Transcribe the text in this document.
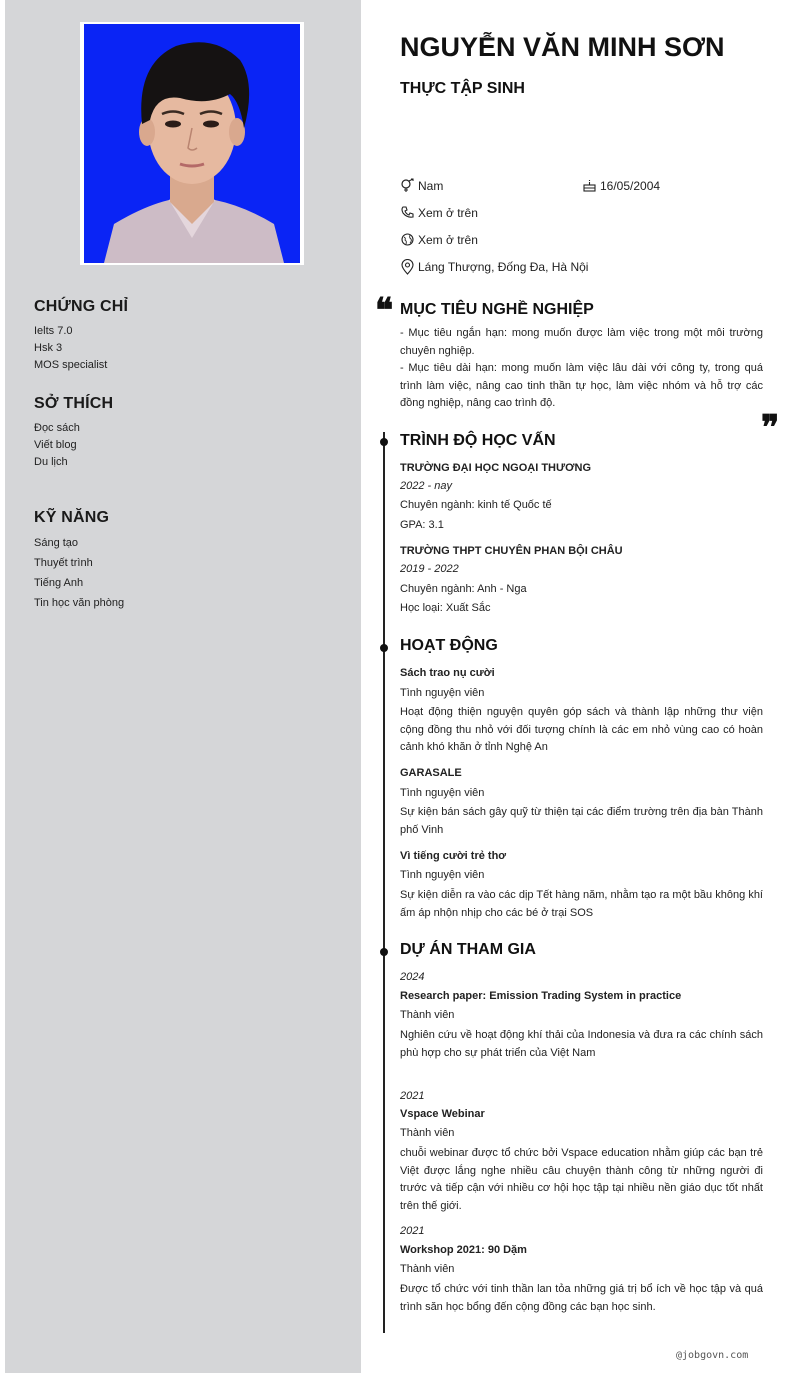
CHỨNG CHỈ
Ielts 7.0
Hsk 3
MOS specialist
SỞ THÍCH
Đọc sách
Viết blog
Du lịch
KỸ NĂNG
Sáng tạo
Thuyết trình
Tiếng Anh
Tin học văn phòng
NGUYỄN VĂN MINH SƠN
THỰC TẬP SINH
Nam	16/05/2004
Xem ở trên
Xem ở trên
Láng Thượng, Đống Đa, Hà Nội
❝ MỤC TIÊU NGHỀ NGHIỆP
- Mục tiêu ngắn hạn: mong muốn được làm việc trong một môi trường chuyên nghiệp.
- Mục tiêu dài hạn: mong muốn làm việc lâu dài với công ty, trong quá trình làm việc, nâng cao tinh thần tự học, làm việc nhóm và hỗ trợ các đồng nghiệp, nâng cao trình độ.
❞
TRÌNH ĐỘ HỌC VẤN
TRƯỜNG ĐẠI HỌC NGOẠI THƯƠNG
2022 - nay
Chuyên ngành: kinh tế Quốc tế
GPA: 3.1
TRƯỜNG THPT CHUYÊN PHAN BỘI CHÂU
2019 - 2022
Chuyên ngành: Anh - Nga
Học loại: Xuất Sắc
HOẠT ĐỘNG
Sách trao nụ cười
Tình nguyện viên
Hoạt động thiện nguyện quyên góp sách và thành lập những thư viện cộng đồng thu nhỏ với đối tượng chính là các em nhỏ vùng cao có hoàn cảnh khó khăn ở tỉnh Nghệ An
GARASALE
Tình nguyện viên
Sự kiện bán sách gây quỹ từ thiện tại các điểm trường trên địa bàn Thành phố Vinh
Vì tiếng cười trẻ thơ
Tình nguyện viên
Sự kiện diễn ra vào các dịp Tết hàng năm, nhằm tạo ra một bầu không khí ấm áp nhộn nhịp cho các bé ở trại SOS
DỰ ÁN THAM GIA
2024
Research paper: Emission Trading System in practice
Thành viên
Nghiên cứu về hoạt động khí thải của Indonesia và đưa ra các chính sách phù hợp cho sự phát triển của Việt Nam
2021
Vspace Webinar
Thành viên
chuỗi webinar được tổ chức bởi Vspace education nhằm giúp các bạn trẻ Việt được lắng nghe nhiều câu chuyện thành công từ những người đi trước và tiếp cận với nhiều cơ hội học tập tại nhiều nền giáo dục tốt nhất trên thế giới.
2021
Workshop 2021: 90 Dặm
Thành viên
Được tổ chức với tinh thần lan tỏa những giá trị bổ ích về học tập và quá trình săn học bổng đến cộng đồng các bạn học sinh.
@jobgovn.com
